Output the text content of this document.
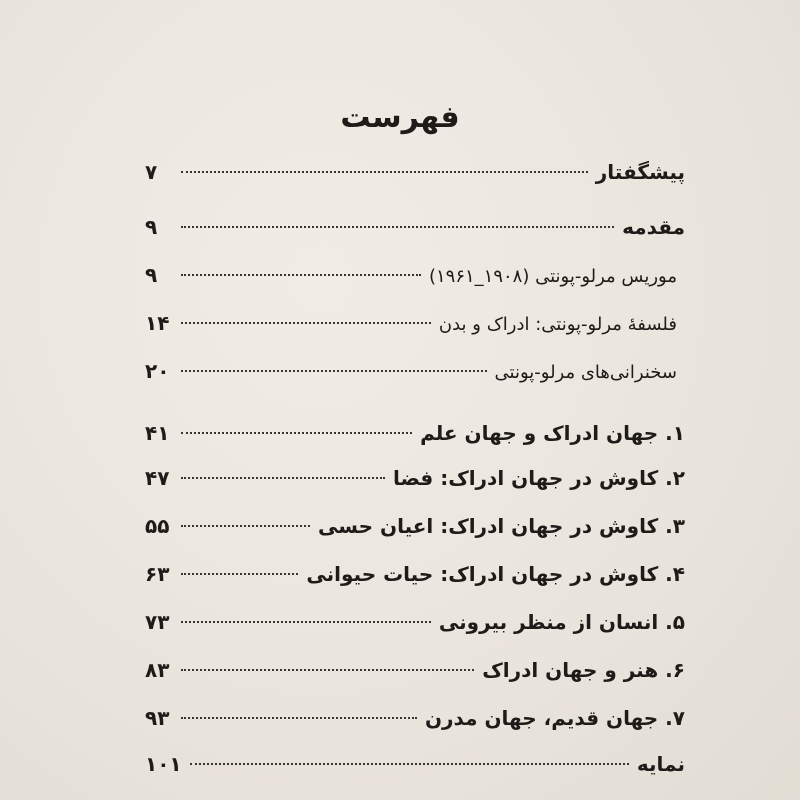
فهرست
پیشگفتار
۷
مقدمه
۹
موریس مرلو-پونتی (۱۹۰۸_۱۹۶۱)
۹
فلسفهٔ مرلو-پونتی: ادراک و بدن
۱۴
سخنرانی‌های مرلو-پونتی
۲۰
۱. جهان ادراک و جهان علم
۴۱
۲. کاوش در جهان ادراک: فضا
۴۷
۳. کاوش در جهان ادراک: اعیان حسی
۵۵
۴. کاوش در جهان ادراک: حیات حیوانی
۶۳
۵. انسان از منظر بیرونی
۷۳
۶. هنر و جهان ادراک
۸۳
۷. جهان قدیم، جهان مدرن
۹۳
نمایه
۱۰۱
